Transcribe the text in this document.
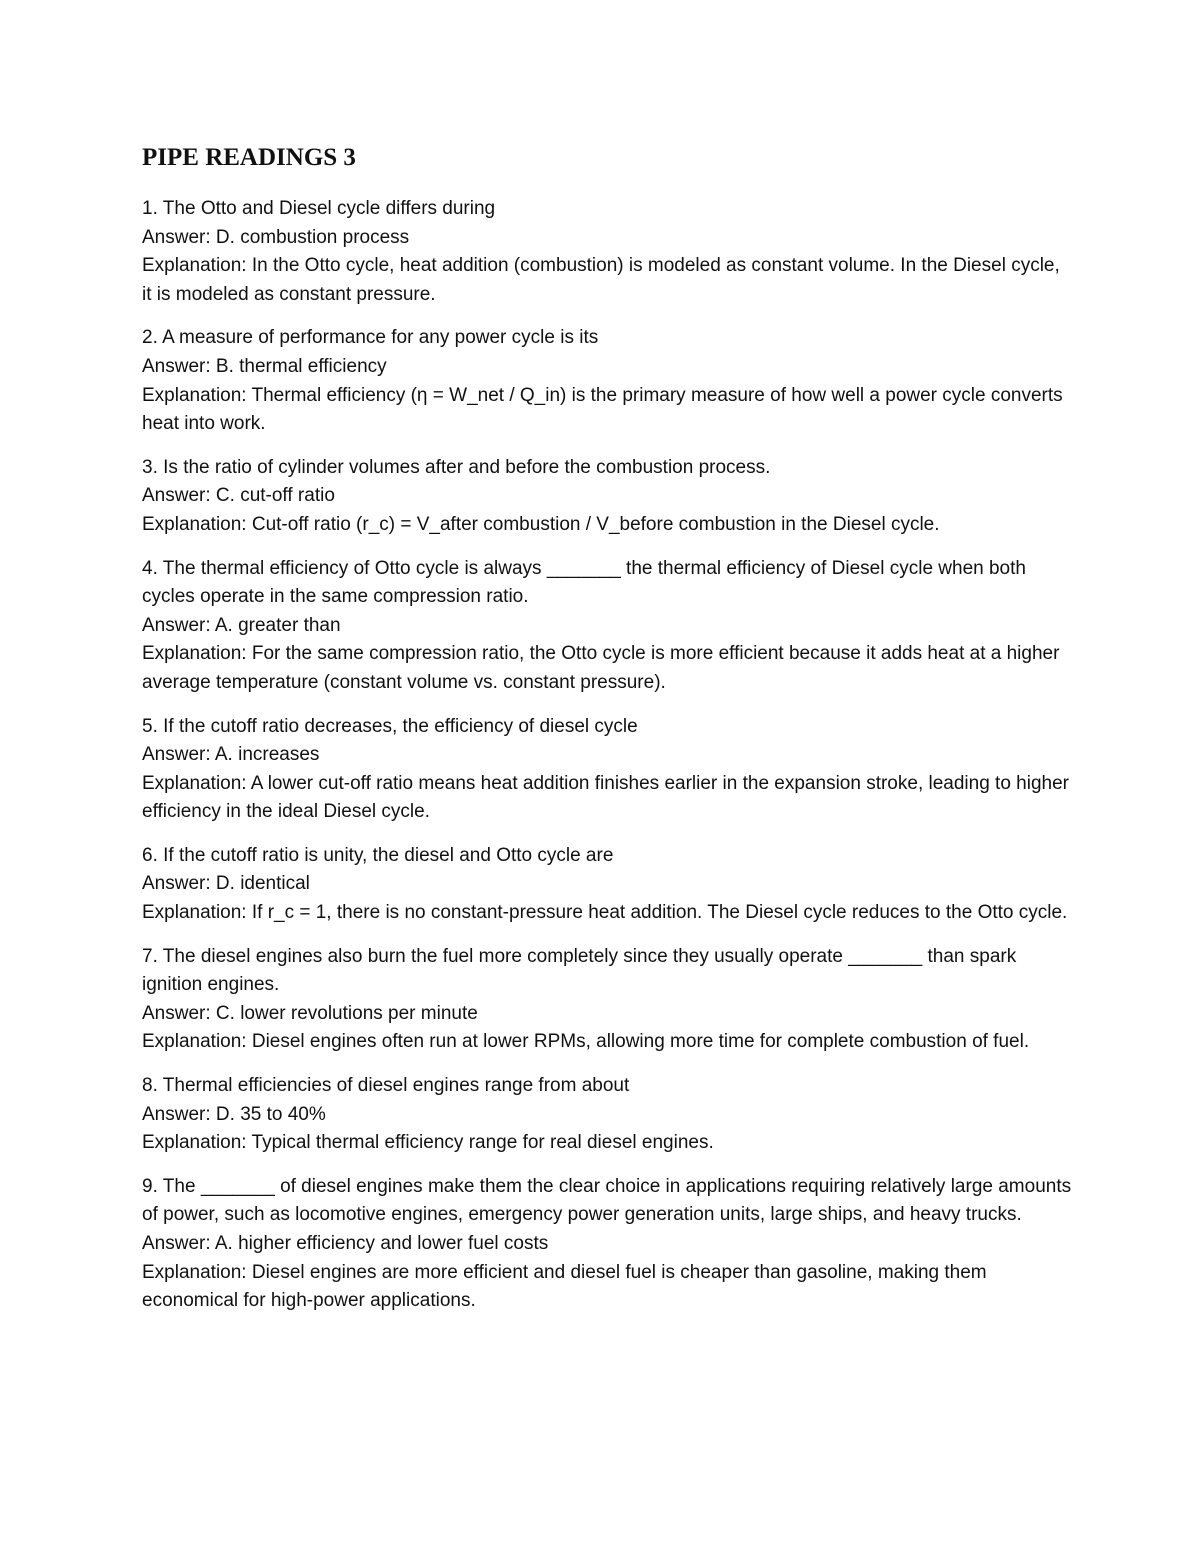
PIPE READINGS 3
1. The Otto and Diesel cycle differs during
Answer: D. combustion process
Explanation: In the Otto cycle, heat addition (combustion) is modeled as constant volume. In the Diesel cycle, it is modeled as constant pressure.
2. A measure of performance for any power cycle is its
Answer: B. thermal efficiency
Explanation: Thermal efficiency (η = W_net / Q_in) is the primary measure of how well a power cycle converts heat into work.
3. Is the ratio of cylinder volumes after and before the combustion process.
Answer: C. cut-off ratio
Explanation: Cut-off ratio (r_c) = V_after combustion / V_before combustion in the Diesel cycle.
4. The thermal efficiency of Otto cycle is always _______ the thermal efficiency of Diesel cycle when both cycles operate in the same compression ratio.
Answer: A. greater than
Explanation: For the same compression ratio, the Otto cycle is more efficient because it adds heat at a higher average temperature (constant volume vs. constant pressure).
5. If the cutoff ratio decreases, the efficiency of diesel cycle
Answer: A. increases
Explanation: A lower cut-off ratio means heat addition finishes earlier in the expansion stroke, leading to higher efficiency in the ideal Diesel cycle.
6. If the cutoff ratio is unity, the diesel and Otto cycle are
Answer: D. identical
Explanation: If r_c = 1, there is no constant-pressure heat addition. The Diesel cycle reduces to the Otto cycle.
7. The diesel engines also burn the fuel more completely since they usually operate _______ than spark ignition engines.
Answer: C. lower revolutions per minute
Explanation: Diesel engines often run at lower RPMs, allowing more time for complete combustion of fuel.
8. Thermal efficiencies of diesel engines range from about
Answer: D. 35 to 40%
Explanation: Typical thermal efficiency range for real diesel engines.
9. The _______ of diesel engines make them the clear choice in applications requiring relatively large amounts of power, such as locomotive engines, emergency power generation units, large ships, and heavy trucks.
Answer: A. higher efficiency and lower fuel costs
Explanation: Diesel engines are more efficient and diesel fuel is cheaper than gasoline, making them economical for high-power applications.
